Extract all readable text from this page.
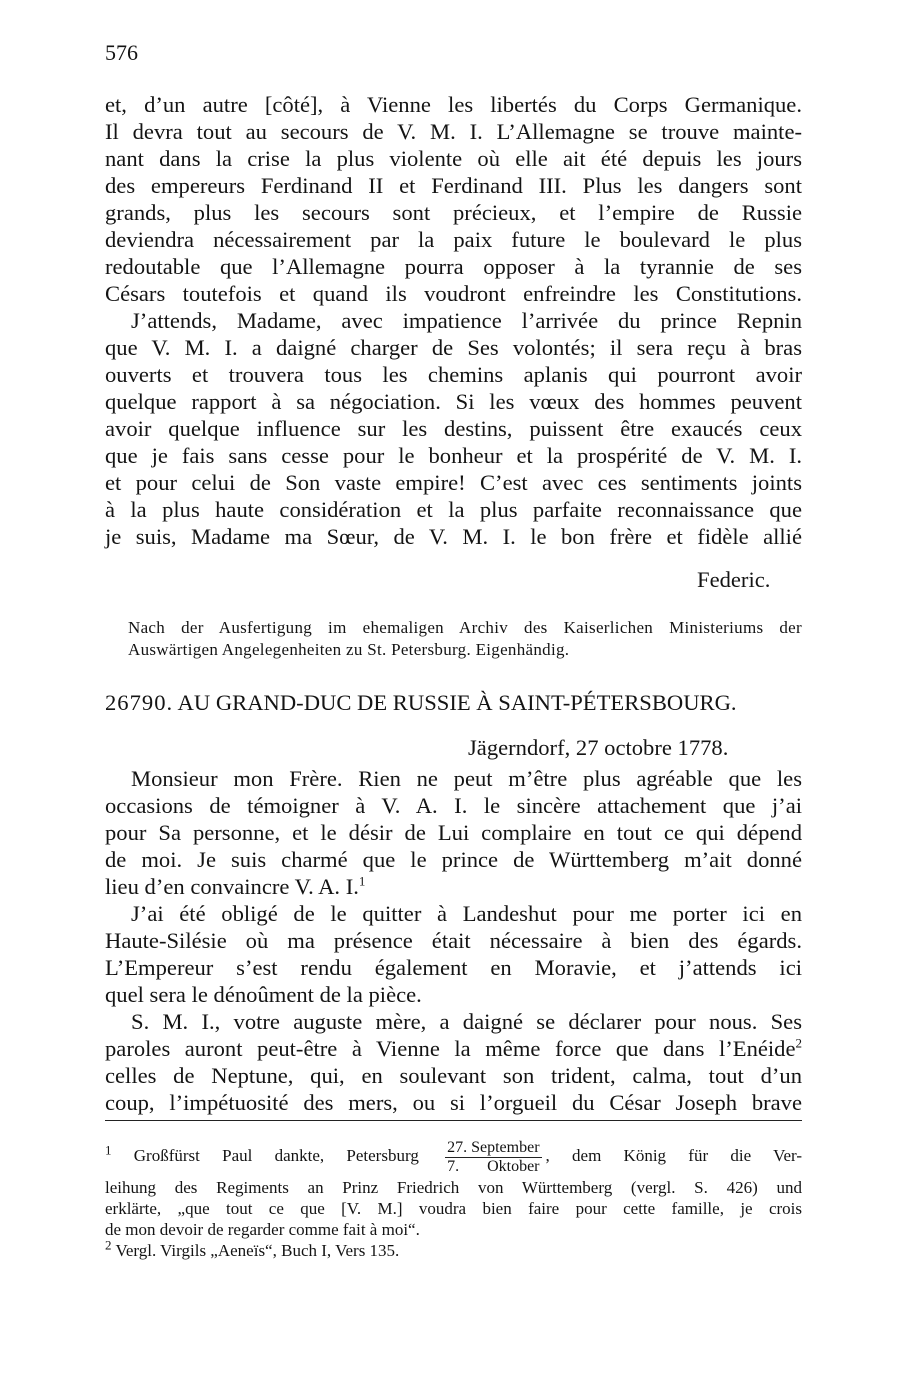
576
et, d’un autre [côté], à Vienne les libertés du Corps Germanique.
Il devra tout au secours de V. M. I. L’Allemagne se trouve mainte-
nant dans la crise la plus violente où elle ait été depuis les jours
des empereurs Ferdinand II et Ferdinand III. Plus les dangers sont
grands, plus les secours sont précieux, et l’empire de Russie
deviendra nécessairement par la paix future le boulevard le plus
redoutable que l’Allemagne pourra opposer à la tyrannie de ses
Césars toutefois et quand ils voudront enfreindre les Constitutions.
J’attends, Madame, avec impatience l’arrivée du prince Repnin
que V. M. I. a daigné charger de Ses volontés; il sera reçu à bras
ouverts et trouvera tous les chemins aplanis qui pourront avoir
quelque rapport à sa négociation. Si les vœux des hommes peuvent
avoir quelque influence sur les destins, puissent être exaucés ceux
que je fais sans cesse pour le bonheur et la prospérité de V. M. I.
et pour celui de Son vaste empire! C’est avec ces sentiments joints
à la plus haute considération et la plus parfaite reconnaissance que
je suis, Madame ma Sœur, de V. M. I. le bon frère et fidèle allié
Federic.
Nach der Ausfertigung im ehemaligen Archiv des Kaiserlichen Ministeriums der
Auswärtigen Angelegenheiten zu St. Petersburg. Eigenhändig.
26790. AU GRAND-DUC DE RUSSIE À SAINT-PÉTERSBOURG.
Jägerndorf, 27 octobre 1778.
Monsieur mon Frère. Rien ne peut m’être plus agréable que les
occasions de témoigner à V. A. I. le sincère attachement que j’ai
pour Sa personne, et le désir de Lui complaire en tout ce qui dépend
de moi. Je suis charmé que le prince de Württemberg m’ait donné
lieu d’en convaincre V. A. I.$^1$
J’ai été obligé de le quitter à Landeshut pour me porter ici en
Haute-Silésie où ma présence était nécessaire à bien des égards.
L’Empereur s’est rendu également en Moravie, et j’attends ici
quel sera le dénoûment de la pièce.
S. M. I., votre auguste mère, a daigné se déclarer pour nous. Ses
paroles auront peut-être à Vienne la même force que dans l’Enéide$^2$
celles de Neptune, qui, en soulevant son trident, calma, tout d’un
coup, l’impétuosité des mers, ou si l’orgueil du César Joseph brave
$^1$ Großfürst Paul dankte, Petersburg $\frac{\text{27. September}}{\text{7. Oktober}}$ , dem König für die Ver-
leihung des Regiments an Prinz Friedrich von Württemberg (vergl. S. 426) und
erklärte, „que tout ce que [V. M.] voudra bien faire pour cette famille, je crois
de mon devoir de regarder comme fait à moi“.
$^2$ Vergl. Virgils „Aeneïs“, Buch I, Vers 135.
